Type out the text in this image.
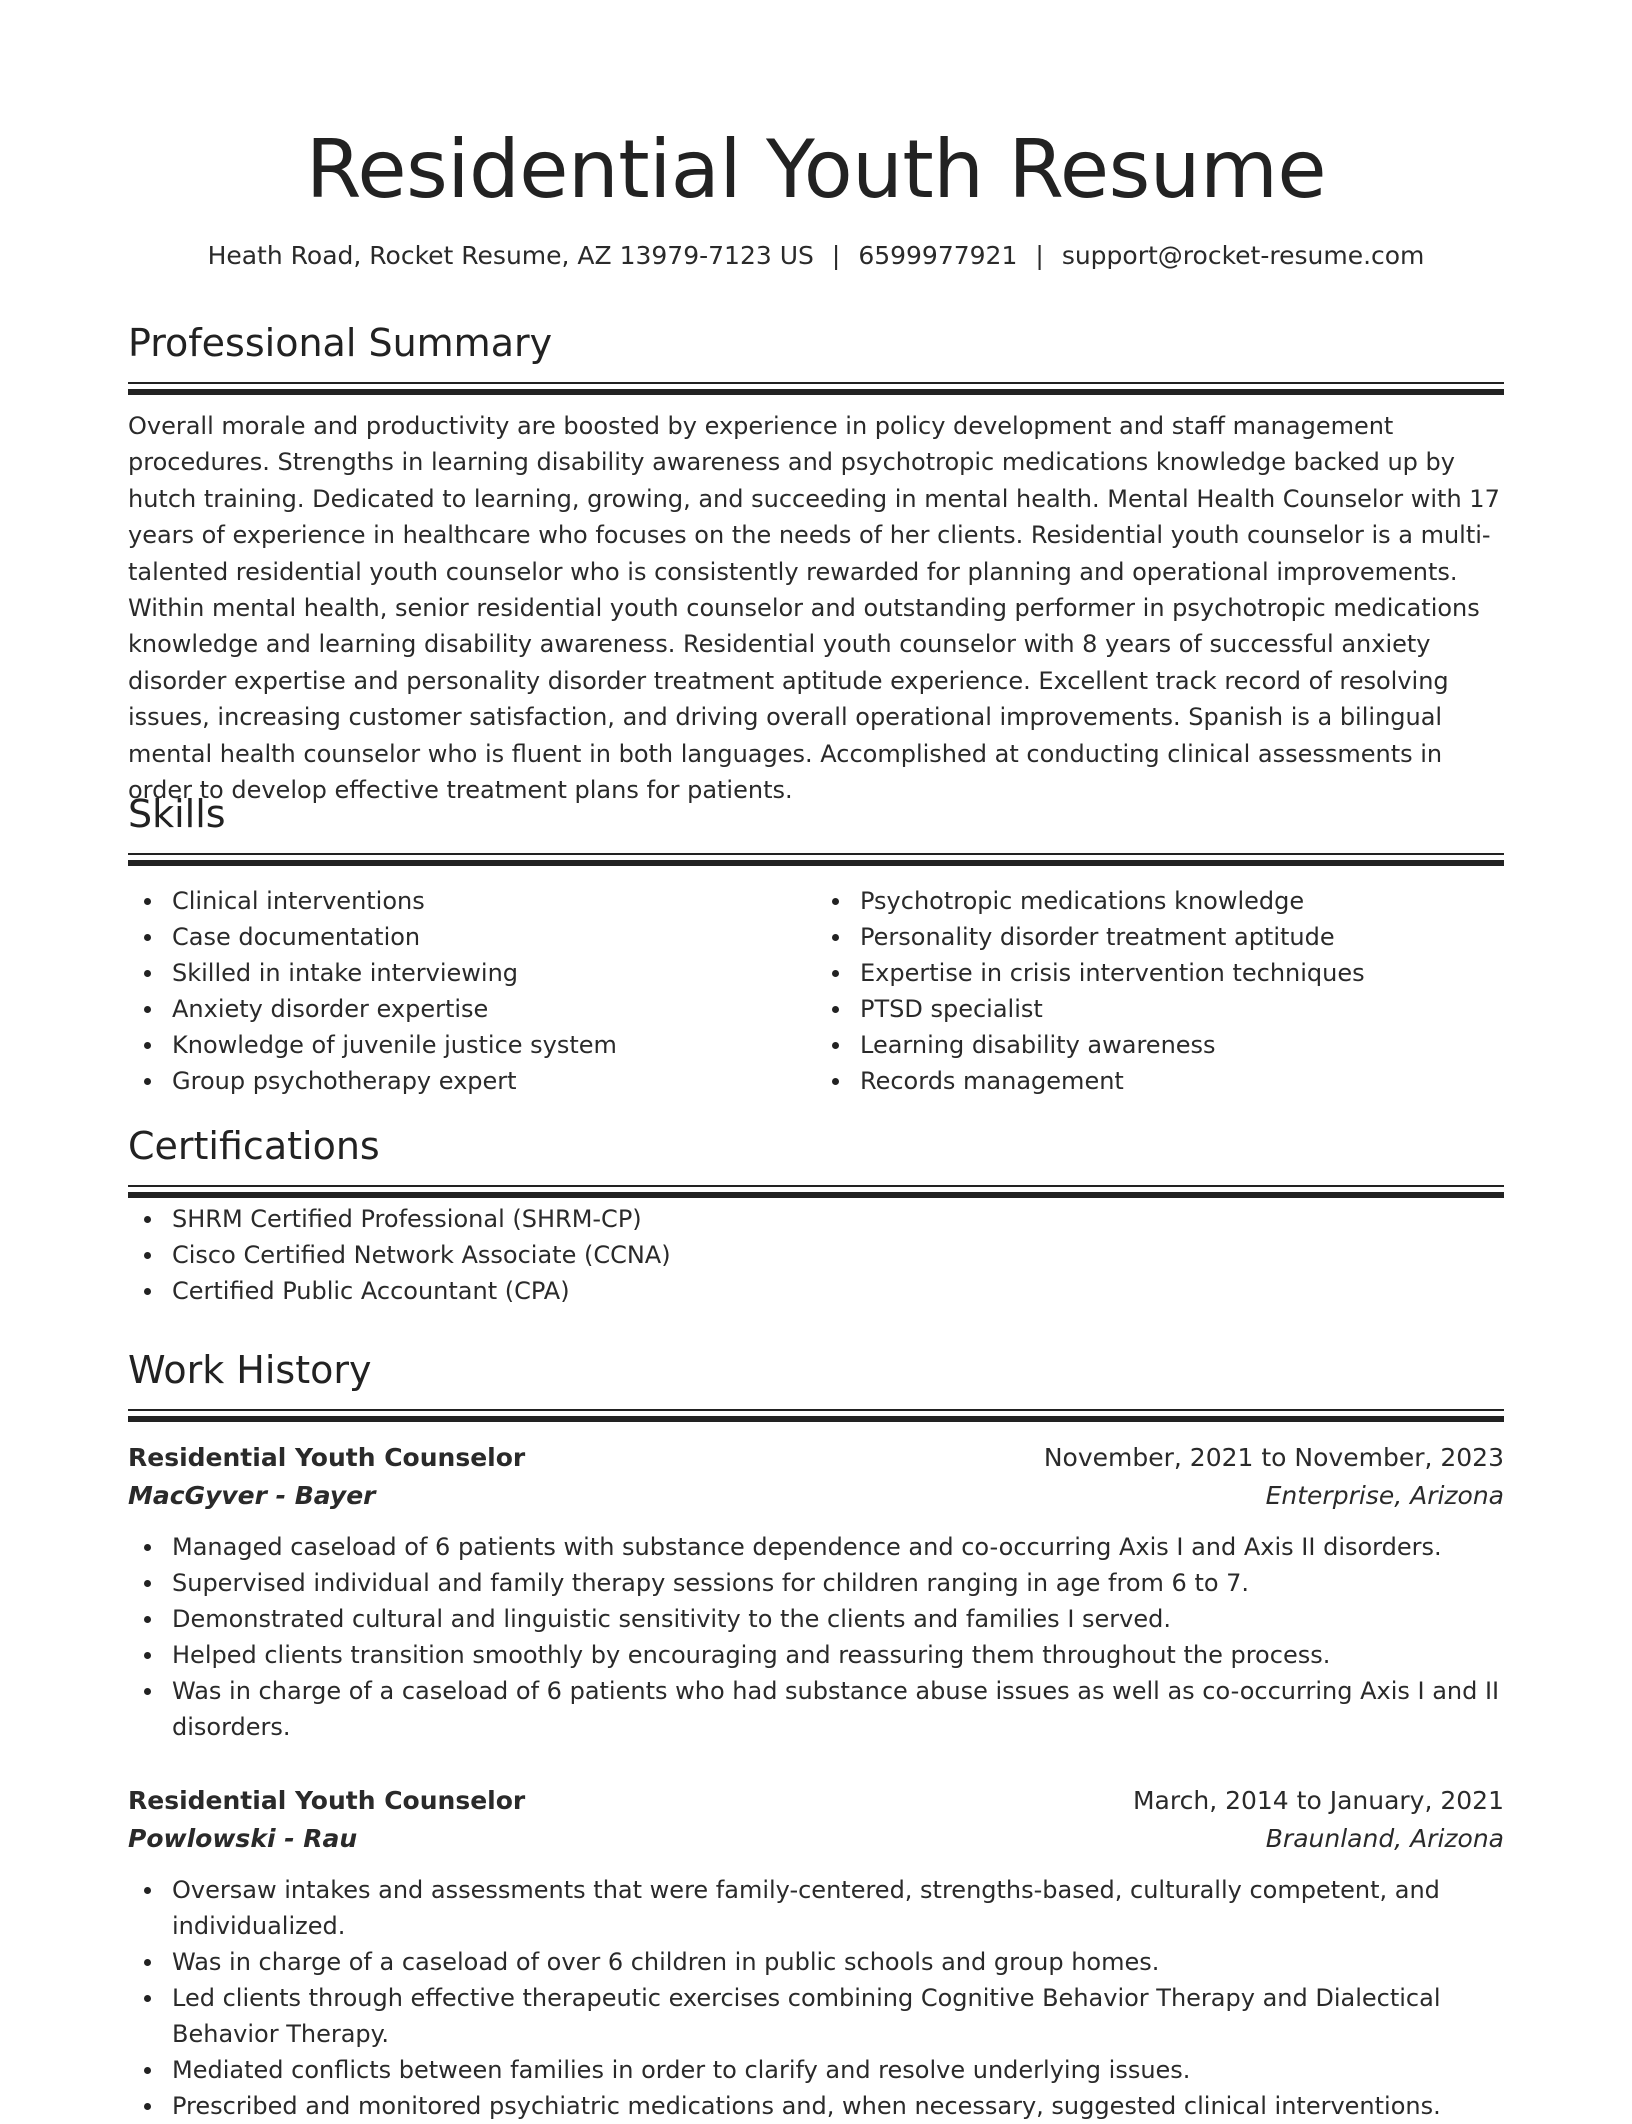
Residential Youth Resume
Heath Road, Rocket Resume, AZ 13979-7123 US | 6599977921 | support@rocket-resume.com
Professional Summary
Overall morale and productivity are boosted by experience in policy development and staff management procedures. Strengths in learning disability awareness and psychotropic medications knowledge backed up by hutch training. Dedicated to learning, growing, and succeeding in mental health. Mental Health Counselor with 17 years of experience in healthcare who focuses on the needs of her clients. Residential youth counselor is a multi-talented residential youth counselor who is consistently rewarded for planning and operational improvements. Within mental health, senior residential youth counselor and outstanding performer in psychotropic medications knowledge and learning disability awareness. Residential youth counselor with 8 years of successful anxiety disorder expertise and personality disorder treatment aptitude experience. Excellent track record of resolving issues, increasing customer satisfaction, and driving overall operational improvements. Spanish is a bilingual mental health counselor who is fluent in both languages. Accomplished at conducting clinical assessments in order to develop effective treatment plans for patients.
Skills
Clinical interventions
Case documentation
Skilled in intake interviewing
Anxiety disorder expertise
Knowledge of juvenile justice system
Group psychotherapy expert
Psychotropic medications knowledge
Personality disorder treatment aptitude
Expertise in crisis intervention techniques
PTSD specialist
Learning disability awareness
Records management
Certifications
SHRM Certified Professional (SHRM-CP)
Cisco Certified Network Associate (CCNA)
Certified Public Accountant (CPA)
Work History
Residential Youth Counselor	November, 2021 to November, 2023
MacGyver - Bayer	Enterprise, Arizona
Managed caseload of 6 patients with substance dependence and co-occurring Axis I and Axis II disorders.
Supervised individual and family therapy sessions for children ranging in age from 6 to 7.
Demonstrated cultural and linguistic sensitivity to the clients and families I served.
Helped clients transition smoothly by encouraging and reassuring them throughout the process.
Was in charge of a caseload of 6 patients who had substance abuse issues as well as co-occurring Axis I and II disorders.
Residential Youth Counselor	March, 2014 to January, 2021
Powlowski - Rau	Braunland, Arizona
Oversaw intakes and assessments that were family-centered, strengths-based, culturally competent, and individualized.
Was in charge of a caseload of over 6 children in public schools and group homes.
Led clients through effective therapeutic exercises combining Cognitive Behavior Therapy and Dialectical Behavior Therapy.
Mediated conflicts between families in order to clarify and resolve underlying issues.
Prescribed and monitored psychiatric medications and, when necessary, suggested clinical interventions.
